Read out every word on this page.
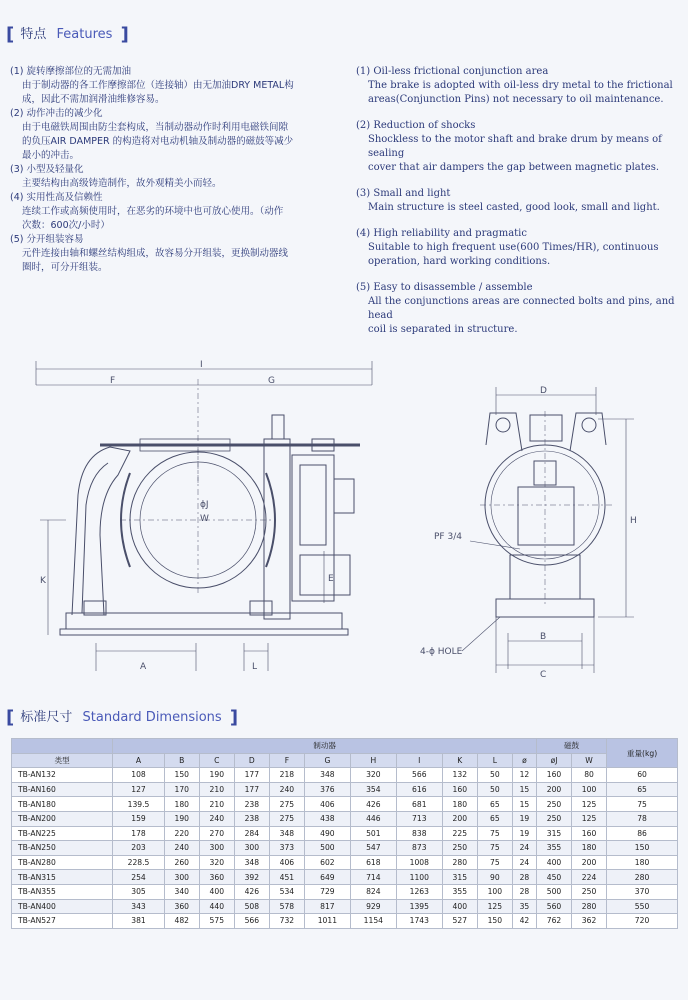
[ 特点 Features ]
(1) 旋转摩擦部位的无需加油
由于制动器的各工作摩擦部位（连接轴）由无加油DRY METAL构
成，因此不需加润滑油维修容易。
(2) 动作冲击的减少化
由于电磁铁周围由防尘套构成，当制动器动作时利用电磁铁间隙
的负压AIR DAMPER 的构造将对电动机轴及制动器的磁鼓等减少
最小的冲击。
(3) 小型及轻量化
主要结构由高级铸造制作，故外观精美小而轻。
(4) 实用性高及信赖性
连续工作或高频使用时，在恶劣的环境中也可放心使用。（动作
次数：600次/小时）
(5) 分开组装容易
元件连接由轴和螺丝结构组成，故容易分开组装，更换制动器线
圈时，可分开组装。
(1) Oil-less frictional conjunction area
The brake is adopted with oil-less dry metal to the frictional
areas(Conjunction Pins) not necessary to oil maintenance.
(2) Reduction of shocks
Shockless to the motor shaft and brake drum by means of sealing
cover that air dampers the gap between magnetic plates.
(3) Small and light
Main structure is steel casted, good look, small and light.
(4) High reliability and pragmatic
Suitable to high frequent use(600 Times/HR), continuous
operation, hard working conditions.
(5) Easy to disassemble / assemble
All the conjunctions areas are connected bolts and pins, and head
coil is separated in structure.
I
F	G
E
K
A	L
ϕJ
W
D
H
B
C
PF 3/4
4-ϕ HOLE
[ 标准尺寸 Standard Dimensions ]
	制动器											磁鼓		重量(kg)
类型	A	B	C	D	F	G	H	I	K	L	ø	øJ	W	
TB-AN132	108	150	190	177	218	348	320	566	132	50	12	160	80	60
TB-AN160	127	170	210	177	240	376	354	616	160	50	15	200	100	65
TB-AN180	139.5	180	210	238	275	406	426	681	180	65	15	250	125	75
TB-AN200	159	190	240	238	275	438	446	713	200	65	19	250	125	78
TB-AN225	178	220	270	284	348	490	501	838	225	75	19	315	160	86
TB-AN250	203	240	300	300	373	500	547	873	250	75	24	355	180	150
TB-AN280	228.5	260	320	348	406	602	618	1008	280	75	24	400	200	180
TB-AN315	254	300	360	392	451	649	714	1100	315	90	28	450	224	280
TB-AN355	305	340	400	426	534	729	824	1263	355	100	28	500	250	370
TB-AN400	343	360	440	508	578	817	929	1395	400	125	35	560	280	550
TB-AN527	381	482	575	566	732	1011	1154	1743	527	150	42	762	362	720
